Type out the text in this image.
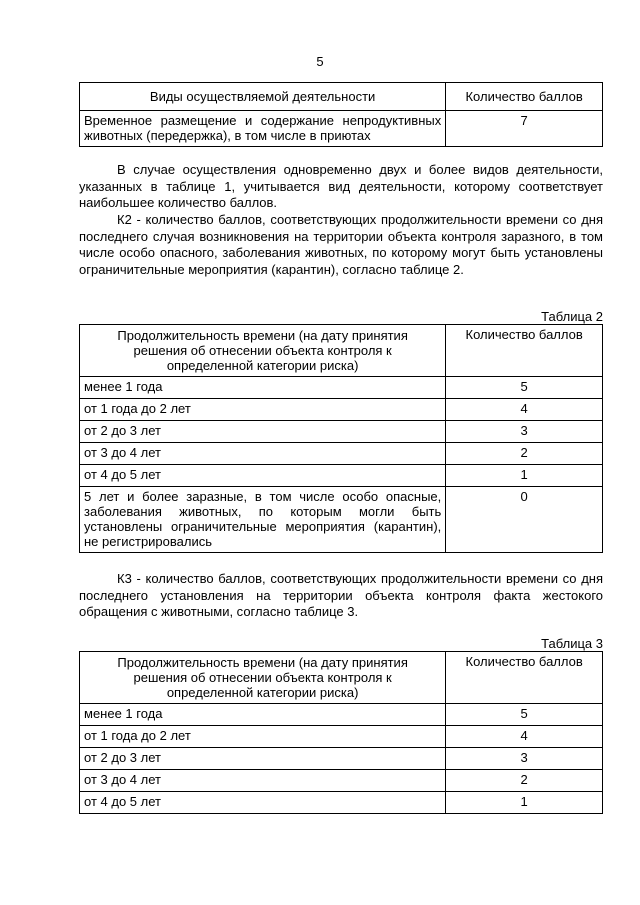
5
Виды осуществляемой деятельности	Количество баллов
Временное размещение и содержание непродуктивных животных (передержка), в том числе в приютах	7

В случае осуществления одновременно двух и более видов деятельности, указанных в таблице 1, учитывается вид деятельности, которому соответствует наибольшее количество баллов.

К2 - количество баллов, соответствующих продолжительности времени со дня последнего случая возникновения на территории объекта контроля заразного, в том числе особо опасного, заболевания животных, по которому могут быть установлены ограничительные мероприятия (карантин), согласно таблице 2.

Таблица 2
Продолжительность времени (на дату принятия решения об отнесении объекта контроля к определенной категории риска)	Количество баллов
менее 1 года	5
от 1 года до 2 лет	4
от 2 до 3 лет	3
от 3 до 4 лет	2
от 4 до 5 лет	1
5 лет и более заразные, в том числе особо опасные, заболевания животных, по которым могли быть установлены ограничительные мероприятия (карантин), не регистрировались	0

К3 - количество баллов, соответствующих продолжительности времени со дня последнего установления на территории объекта контроля факта жестокого обращения с животными, согласно таблице 3.

Таблица 3
Продолжительность времени (на дату принятия решения об отнесении объекта контроля к определенной категории риска)	Количество баллов
менее 1 года	5
от 1 года до 2 лет	4
от 2 до 3 лет	3
от 3 до 4 лет	2
от 4 до 5 лет	1
